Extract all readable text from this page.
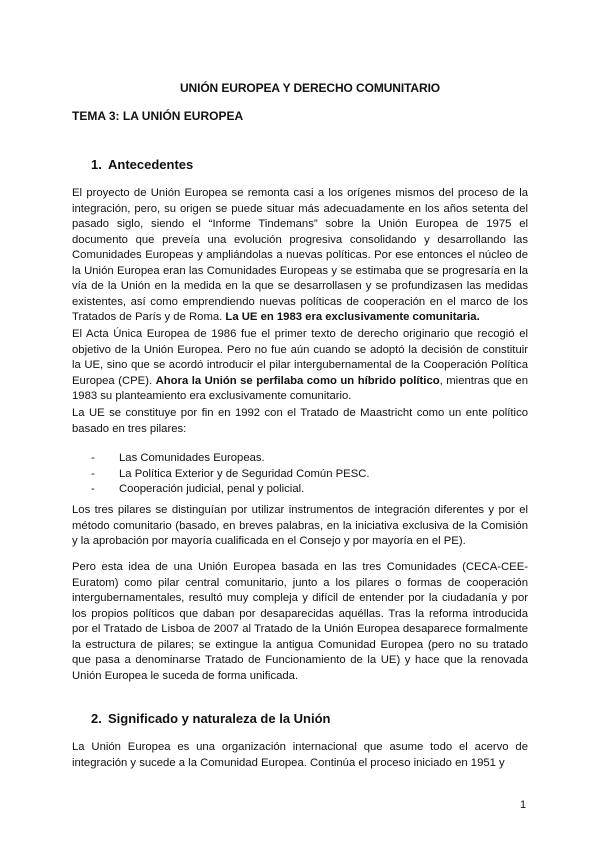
UNIÓN EUROPEA Y DERECHO COMUNITARIO
TEMA 3: LA UNIÓN EUROPEA
1. Antecedentes
El proyecto de Unión Europea se remonta casi a los orígenes mismos del proceso de la integración, pero, su origen se puede situar más adecuadamente en los años setenta del pasado siglo, siendo el “Informe Tindemans” sobre la Unión Europea de 1975 el documento que preveía una evolución progresiva consolidando y desarrollando las Comunidades Europeas y ampliándolas a nuevas políticas. Por ese entonces el núcleo de la Unión Europea eran las Comunidades Europeas y se estimaba que se progresaría en la vía de la Unión en la medida en la que se desarrollasen y se profundizasen las medidas existentes, así como emprendiendo nuevas políticas de cooperación en el marco de los Tratados de París y de Roma. La UE en 1983 era exclusivamente comunitaria.
El Acta Única Europea de 1986 fue el primer texto de derecho originario que recogió el objetivo de la Unión Europea. Pero no fue aún cuando se adoptó la decisión de constituir la UE, sino que se acordó introducir el pilar intergubernamental de la Cooperación Política Europea (CPE). Ahora la Unión se perfilaba como un híbrido político, mientras que en 1983 su planteamiento era exclusivamente comunitario.
La UE se constituye por fin en 1992 con el Tratado de Maastricht como un ente político basado en tres pilares:
- Las Comunidades Europeas.
- La Política Exterior y de Seguridad Común PESC.
- Cooperación judicial, penal y policial.
Los tres pilares se distinguían por utilizar instrumentos de integración diferentes y por el método comunitario (basado, en breves palabras, en la iniciativa exclusiva de la Comisión y la aprobación por mayoría cualificada en el Consejo y por mayoría en el PE).
Pero esta idea de una Unión Europea basada en las tres Comunidades (CECA-CEE-Euratom) como pilar central comunitario, junto a los pilares o formas de cooperación intergubernamentales, resultó muy compleja y difícil de entender por la ciudadanía y por los propios políticos que daban por desaparecidas aquéllas. Tras la reforma introducida por el Tratado de Lisboa de 2007 al Tratado de la Unión Europea desaparece formalmente la estructura de pilares; se extingue la antigua Comunidad Europea (pero no su tratado que pasa a denominarse Tratado de Funcionamiento de la UE) y hace que la renovada Unión Europea le suceda de forma unificada.
2. Significado y naturaleza de la Unión
La Unión Europea es una organización internacional que asume todo el acervo de integración y sucede a la Comunidad Europea. Continúa el proceso iniciado en 1951 y
1
